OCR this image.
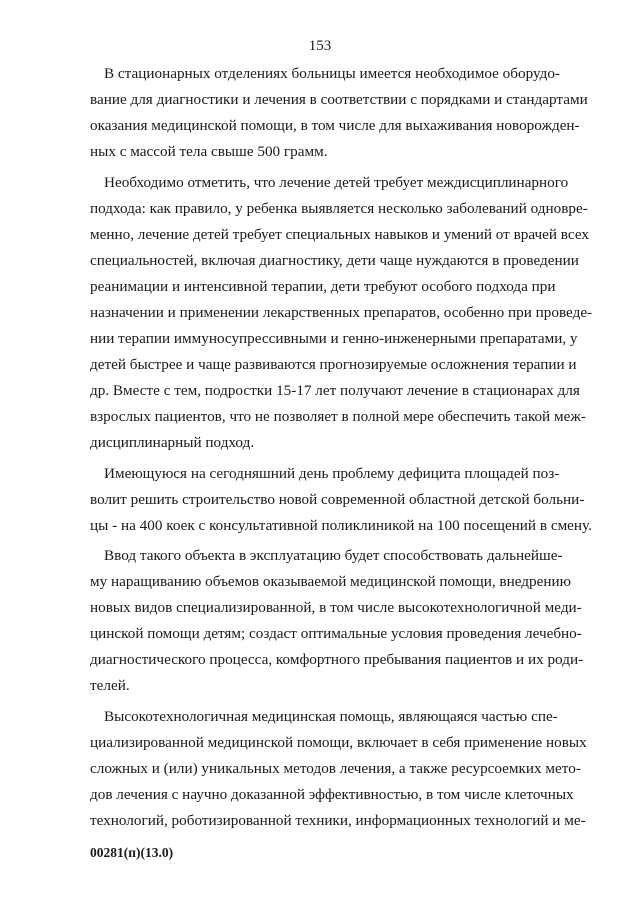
153
В стационарных отделениях больницы имеется необходимое оборудо-
вание для диагностики и лечения в соответствии с порядками и стандартами
оказания медицинской помощи, в том числе для выхаживания новорожден-
ных с массой тела свыше 500 грамм.
Необходимо отметить, что лечение детей требует междисциплинарного
подхода: как правило, у ребенка выявляется несколько заболеваний одновре-
менно, лечение детей требует специальных навыков и умений от врачей всех
специальностей, включая диагностику, дети чаще нуждаются в проведении
реанимации и интенсивной терапии, дети требуют особого подхода при
назначении и применении лекарственных препаратов, особенно при проведе-
нии терапии иммуносупрессивными и генно-инженерными препаратами, у
детей быстрее и чаще развиваются прогнозируемые осложнения терапии и
др. Вместе с тем, подростки 15-17 лет получают лечение в стационарах для
взрослых пациентов, что не позволяет в полной мере обеспечить такой меж-
дисциплинарный подход.
Имеющуюся на сегодняшний день проблему дефицита площадей поз-
волит решить строительство новой современной областной детской больни-
цы - на 400 коек с консультативной поликлиникой на 100 посещений в смену.
Ввод такого объекта в эксплуатацию будет способствовать дальнейше-
му наращиванию объемов оказываемой медицинской помощи, внедрению
новых видов специализированной, в том числе высокотехнологичной меди-
цинской помощи детям; создаст оптимальные условия проведения лечебно-
диагностического процесса, комфортного пребывания пациентов и их роди-
телей.
Высокотехнологичная медицинская помощь, являющаяся частью спе-
циализированной медицинской помощи, включает в себя применение новых
сложных и (или) уникальных методов лечения, а также ресурсоемких мето-
дов лечения с научно доказанной эффективностью, в том числе клеточных
технологий, роботизированной техники, информационных технологий и ме-
00281(п)(13.0)
